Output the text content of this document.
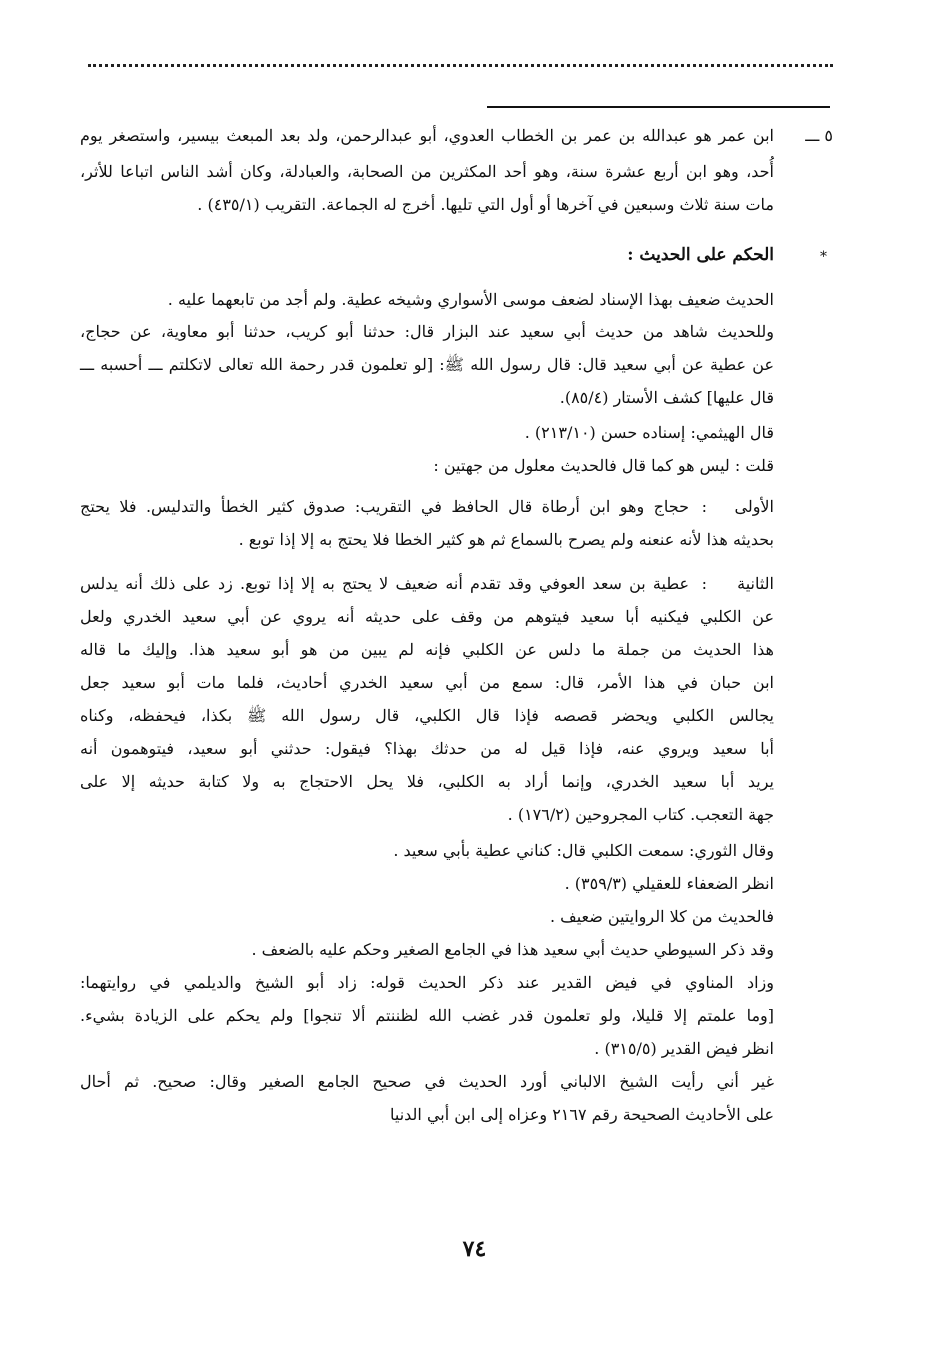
٥ ـــ
ابن عمر هو عبدالله بن عمر بن الخطاب العدوي، أبو عبدالرحمن، ولد بعد المبعث بيسير، واستصغر يوم
أُحد، وهو ابن أربع عشرة سنة، وهو أحد المكثرين من الصحابة، والعبادلة، وكان أشد الناس اتباعا للأثر،
مات سنة ثلاث وسبعين في آخرها أو أول التي تليها. أخرج له الجماعة. التقريب (٤٣٥/١) .
*
الحكم على الحديث :
الحديث ضعيف بهذا الإسناد لضعف موسى الأسواري وشيخه عطية. ولم أجد من تابعهما عليه .
وللحديث شاهد من حديث أبي سعيد عند البزار قال: حدثنا أبو كريب، حدثنا أبو معاوية، عن حجاج،
عن عطية عن أبي سعيد قال: قال رسول الله ﷺ: [لو تعلمون قدر رحمة الله تعالى لاتكلتم ـــ أحسبه ـــ
قال عليها] كشف الأستار (٨٥/٤).
قال الهيثمي: إسناده حسن (٢١٣/١٠) .
قلت : ليس هو كما قال فالحديث معلول من جهتين :
الأولى
:
حجاج وهو ابن أرطاة قال الحافظ في التقريب: صدوق كثير الخطأ والتدليس. فلا يحتج
بحديثه هذا لأنه عنعنه ولم يصرح بالسماع ثم هو كثير الخطا فلا يحتج به إلا إذا توبع .
الثانية
:
عطية بن سعد العوفي وقد تقدم أنه ضعيف لا يحتج به إلا إذا توبع. زد على ذلك أنه يدلس
عن الكلبي فيكنيه أبا سعيد فيتوهم من وقف على حديثه أنه يروي عن أبي سعيد الخدري ولعل
هذا الحديث من جملة ما دلس عن الكلبي فإنه لم يبين من هو أبو سعيد هذا. وإليك ما قاله
ابن حبان في هذا الأمر، قال: سمع من أبي سعيد الخدري أحاديث، فلما مات أبو سعيد جعل
يجالس الكلبي ويحضر قصصه فإذا قال الكلبي، قال رسول الله ﷺ بكذا، فيحفظه، وكناه
أبا سعيد ويروي عنه، فإذا قيل له من حدثك بهذا؟ فيقول: حدثني أبو سعيد، فيتوهمون أنه
يريد أبا سعيد الخدري، وإنما أراد به الكلبي، فلا يحل الاحتجاج به ولا كتابة حديثه إلا على
جهة التعجب. كتاب المجروحين (١٧٦/٢) .
وقال الثوري: سمعت الكلبي قال: كناني عطية بأبي سعيد .
انظر الضعفاء للعقيلي (٣٥٩/٣) .
فالحديث من كلا الروايتين ضعيف .
وقد ذكر السيوطي حديث أبي سعيد هذا في الجامع الصغير وحكم عليه بالضعف .
وزاد المناوي في فيض القدير عند ذكر الحديث قوله: زاد أبو الشيخ والديلمي في روايتهما:
[وما علمتم إلا قليلا، ولو تعلمون قدر غضب الله لظننتم ألا تنجوا] ولم يحكم على الزيادة بشيء.
انظر فيض القدير (٣١٥/٥) .
غير أني رأيت الشيخ الالباني أورد الحديث في صحيح الجامع الصغير وقال: صحيح. ثم أحال
على الأحاديث الصحيحة رقم ٢١٦٧ وعزاه إلى ابن أبي الدنيا
٧٤
